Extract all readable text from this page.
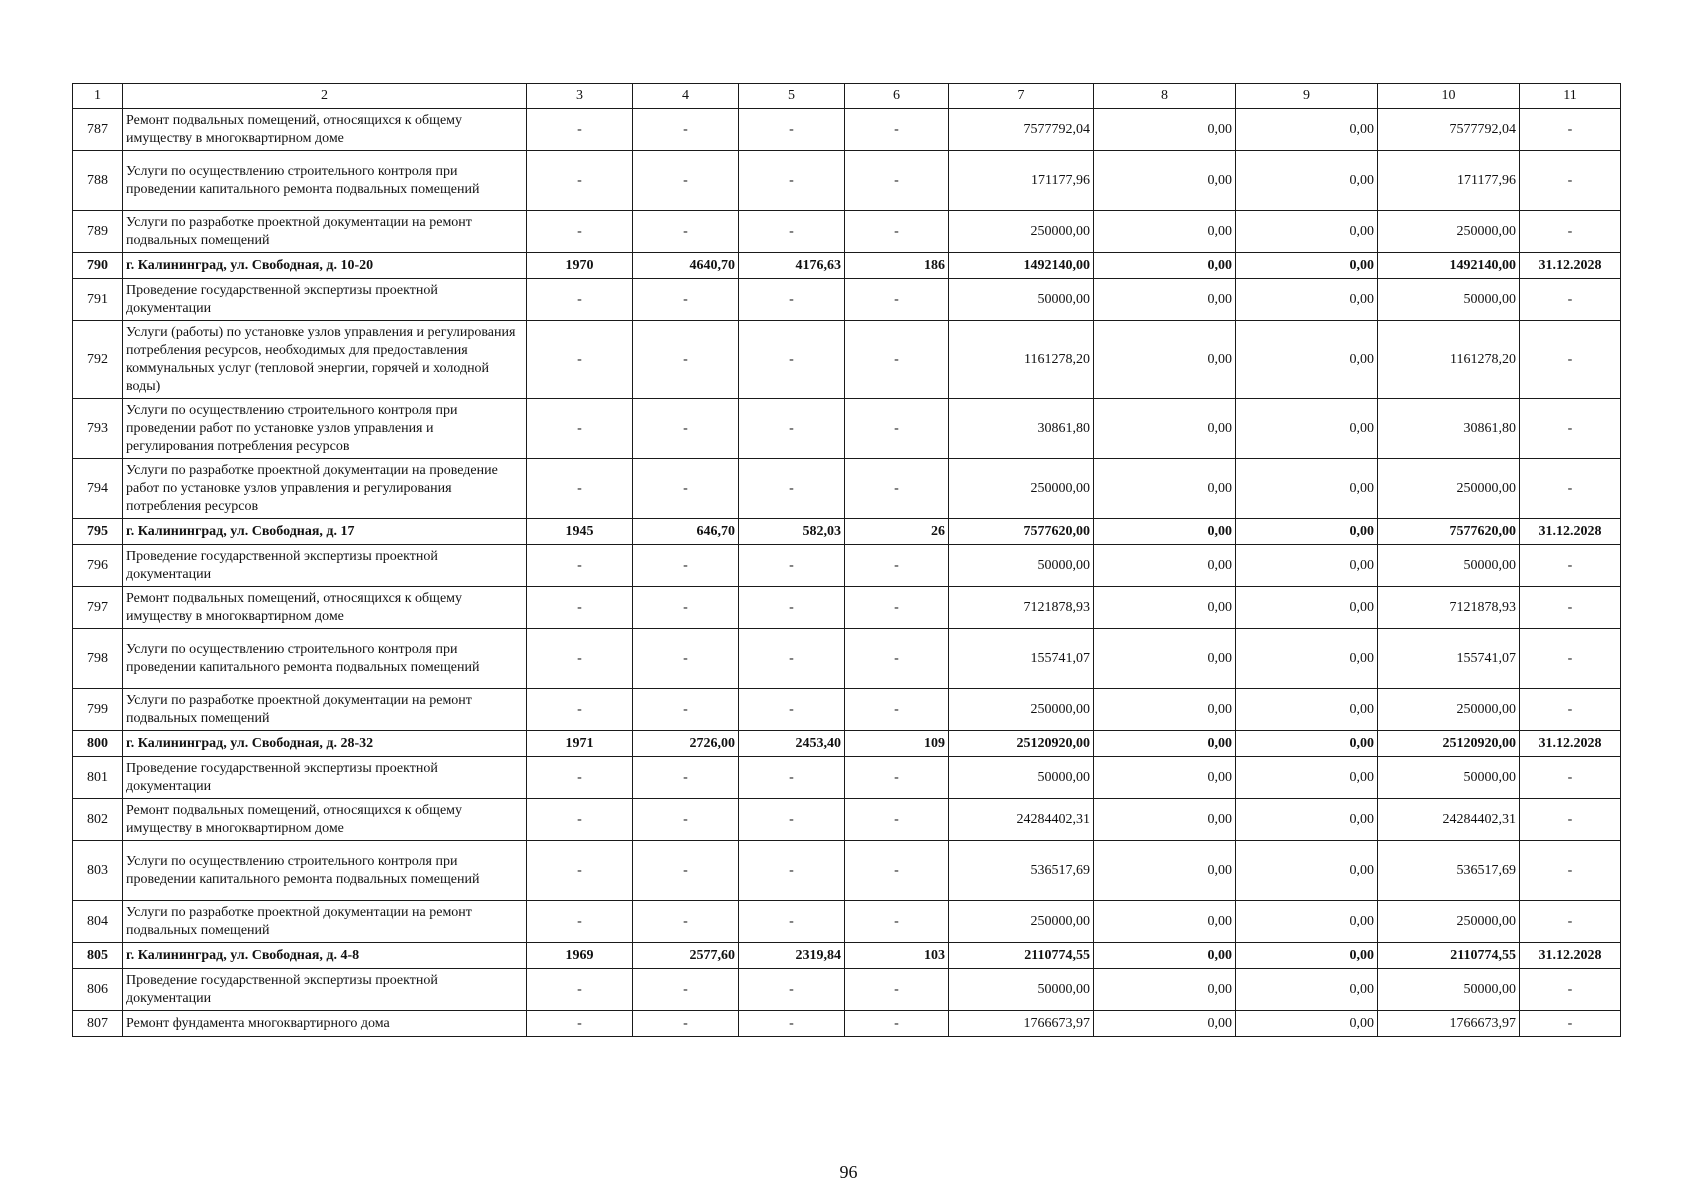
1	2	3	4	5	6	7	8	9	10	11
787	Ремонт подвальных помещений, относящихся к общему имуществу в многоквартирном доме	-	-	-	-	7577792,04	0,00	0,00	7577792,04	-
788	Услуги по осуществлению строительного контроля при проведении капитального ремонта подвальных помещений	-	-	-	-	171177,96	0,00	0,00	171177,96	-
789	Услуги по разработке проектной документации на ремонт подвальных помещений	-	-	-	-	250000,00	0,00	0,00	250000,00	-
790	г. Калининград, ул. Свободная, д. 10-20	1970	4640,70	4176,63	186	1492140,00	0,00	0,00	1492140,00	31.12.2028
791	Проведение государственной экспертизы проектной документации	-	-	-	-	50000,00	0,00	0,00	50000,00	-
792	Услуги (работы) по установке узлов управления и регулирования потребления ресурсов, необходимых для предоставления коммунальных услуг (тепловой энергии, горячей и холодной воды)	-	-	-	-	1161278,20	0,00	0,00	1161278,20	-
793	Услуги по осуществлению строительного контроля при проведении работ по установке узлов управления и регулирования потребления ресурсов	-	-	-	-	30861,80	0,00	0,00	30861,80	-
794	Услуги по разработке проектной документации на проведение работ по установке узлов управления и регулирования потребления ресурсов	-	-	-	-	250000,00	0,00	0,00	250000,00	-
795	г. Калининград, ул. Свободная, д. 17	1945	646,70	582,03	26	7577620,00	0,00	0,00	7577620,00	31.12.2028
796	Проведение государственной экспертизы проектной документации	-	-	-	-	50000,00	0,00	0,00	50000,00	-
797	Ремонт подвальных помещений, относящихся к общему имуществу в многоквартирном доме	-	-	-	-	7121878,93	0,00	0,00	7121878,93	-
798	Услуги по осуществлению строительного контроля при проведении капитального ремонта подвальных помещений	-	-	-	-	155741,07	0,00	0,00	155741,07	-
799	Услуги по разработке проектной документации на ремонт подвальных помещений	-	-	-	-	250000,00	0,00	0,00	250000,00	-
800	г. Калининград, ул. Свободная, д. 28-32	1971	2726,00	2453,40	109	25120920,00	0,00	0,00	25120920,00	31.12.2028
801	Проведение государственной экспертизы проектной документации	-	-	-	-	50000,00	0,00	0,00	50000,00	-
802	Ремонт подвальных помещений, относящихся к общему имуществу в многоквартирном доме	-	-	-	-	24284402,31	0,00	0,00	24284402,31	-
803	Услуги по осуществлению строительного контроля при проведении капитального ремонта подвальных помещений	-	-	-	-	536517,69	0,00	0,00	536517,69	-
804	Услуги по разработке проектной документации на ремонт подвальных помещений	-	-	-	-	250000,00	0,00	0,00	250000,00	-
805	г. Калининград, ул. Свободная, д. 4-8	1969	2577,60	2319,84	103	2110774,55	0,00	0,00	2110774,55	31.12.2028
806	Проведение государственной экспертизы проектной документации	-	-	-	-	50000,00	0,00	0,00	50000,00	-
807	Ремонт фундамента многоквартирного дома	-	-	-	-	1766673,97	0,00	0,00	1766673,97	-
96
